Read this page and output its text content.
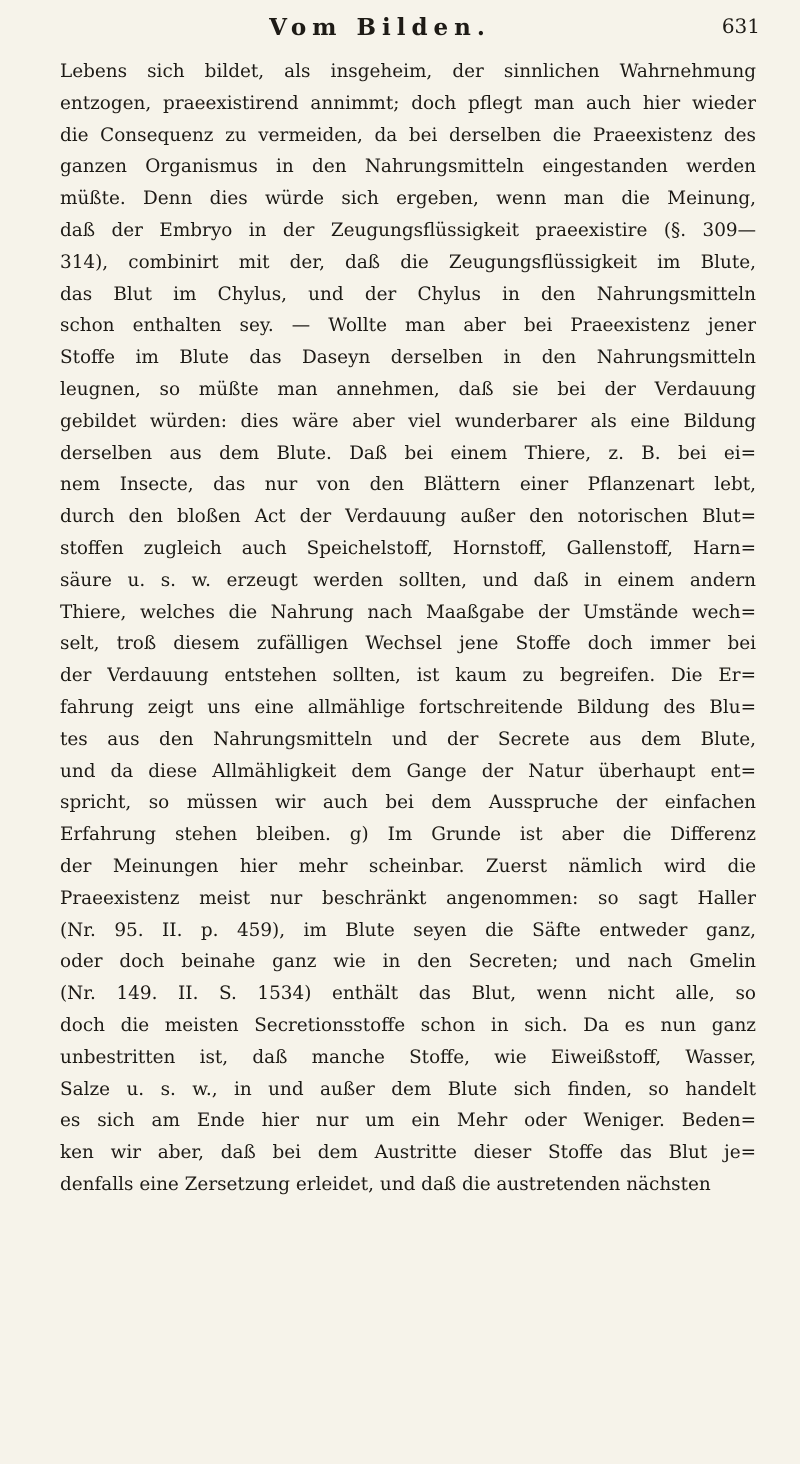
Vom Bilden.	631
Lebens sich bildet, als insgeheim, der sinnlichen Wahrnehmung
entzogen, praeexistirend annimmt; doch pflegt man auch hier wieder
die Consequenz zu vermeiden, da bei derselben die Praeexistenz des
ganzen Organismus in den Nahrungsmitteln eingestanden werden
müßte. Denn dies würde sich ergeben, wenn man die Meinung,
daß der Embryo in der Zeugungsflüssigkeit praeexistire (§. 309—
314), combinirt mit der, daß die Zeugungsflüssigkeit im Blute,
das Blut im Chylus, und der Chylus in den Nahrungsmitteln
schon enthalten sey. — Wollte man aber bei Praeexistenz jener
Stoffe im Blute das Daseyn derselben in den Nahrungsmitteln
leugnen, so müßte man annehmen, daß sie bei der Verdauung
gebildet würden: dies wäre aber viel wunderbarer als eine Bildung
derselben aus dem Blute. Daß bei einem Thiere, z. B. bei ei=
nem Insecte, das nur von den Blättern einer Pflanzenart lebt,
durch den bloßen Act der Verdauung außer den notorischen Blut=
stoffen zugleich auch Speichelstoff, Hornstoff, Gallenstoff, Harn=
säure u. s. w. erzeugt werden sollten, und daß in einem andern
Thiere, welches die Nahrung nach Maaßgabe der Umstände wech=
selt, troß diesem zufälligen Wechsel jene Stoffe doch immer bei
der Verdauung entstehen sollten, ist kaum zu begreifen. Die Er=
fahrung zeigt uns eine allmählige fortschreitende Bildung des Blu=
tes aus den Nahrungsmitteln und der Secrete aus dem Blute,
und da diese Allmähligkeit dem Gange der Natur überhaupt ent=
spricht, so müssen wir auch bei dem Ausspruche der einfachen
Erfahrung stehen bleiben. g) Im Grunde ist aber die Differenz
der Meinungen hier mehr scheinbar. Zuerst nämlich wird die
Praeexistenz meist nur beschränkt angenommen: so sagt Haller
(Nr. 95. II. p. 459), im Blute seyen die Säfte entweder ganz,
oder doch beinahe ganz wie in den Secreten; und nach Gmelin
(Nr. 149. II. S. 1534) enthält das Blut, wenn nicht alle, so
doch die meisten Secretionsstoffe schon in sich. Da es nun ganz
unbestritten ist, daß manche Stoffe, wie Eiweißstoff, Wasser,
Salze u. s. w., in und außer dem Blute sich finden, so handelt
es sich am Ende hier nur um ein Mehr oder Weniger. Beden=
ken wir aber, daß bei dem Austritte dieser Stoffe das Blut je=
denfalls eine Zersetzung erleidet, und daß die austretenden nächsten
